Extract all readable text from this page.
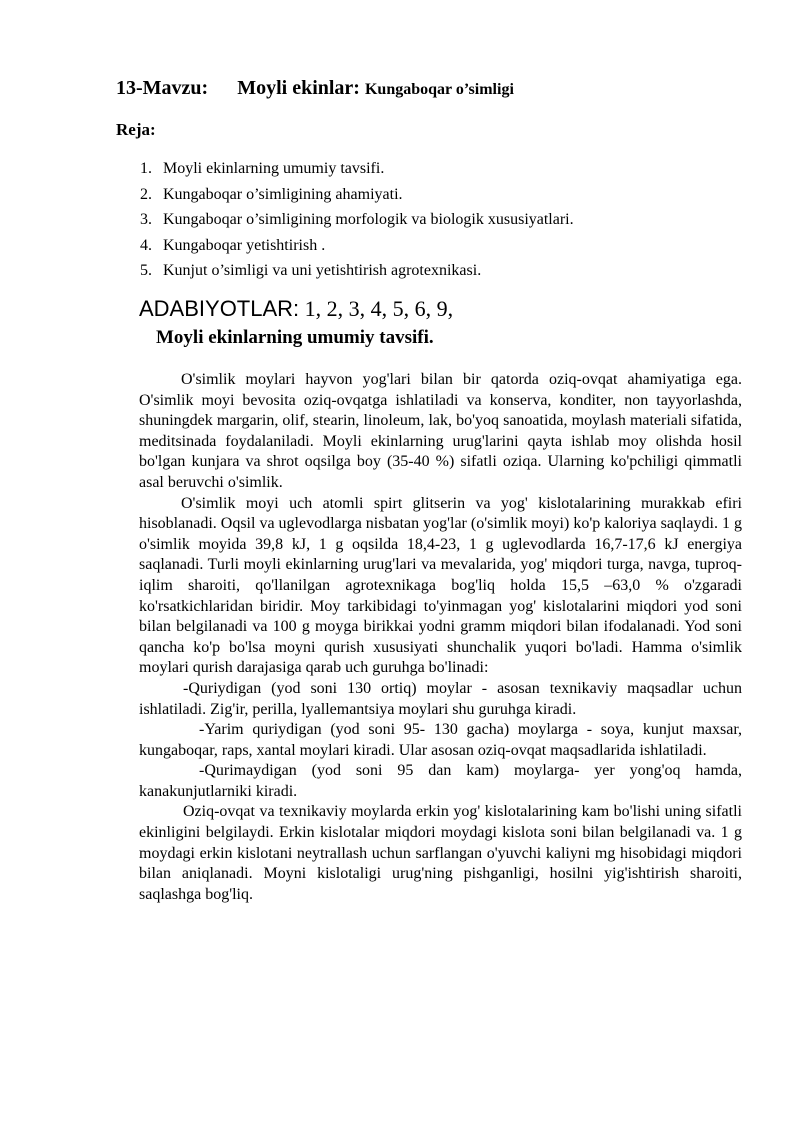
13-Mavzu: Moyli ekinlar: Kungaboqar o’simligi
Reja:
1. Moyli ekinlarning umumiy tavsifi.
2. Kungaboqar o’simligining ahamiyati.
3. Kungaboqar o’simligining morfologik va biologik xususiyatlari.
4. Kungaboqar yetishtirish .
5. Kunjut o’simligi va uni yetishtirish agrotexnikasi.
ADABIYOTLAR: 1, 2, 3, 4, 5, 6, 9,
Moyli ekinlarning umumiy tavsifi.

O'simlik moylari hayvon yog'lari bilan bir qatorda oziq-ovqat ahamiyatiga ega. O'simlik moyi bevosita oziq-ovqatga ishlatiladi va konserva, konditer, non tayyorlashda, shuningdek margarin, olif, stearin, linoleum, lak, bo'yoq sanoatida, moylash materiali sifatida, meditsinada foydalaniladi. Moyli ekinlarning urug'larini qayta ishlab moy olishda hosil bo'lgan kunjara va shrot oqsilga boy (35-40 %) sifatli oziqa. Ularning ko'pchiligi qimmatli asal beruvchi o'simlik.

O'simlik moyi uch atomli spirt glitserin va yog' kislotalarining murakkab efiri hisoblanadi. Oqsil va uglevodlarga nisbatan yog'lar (o'simlik moyi) ko'p kaloriya saqlaydi. 1 g o'simlik moyida 39,8 kJ, 1 g oqsilda 18,4-23, 1 g uglevodlarda 16,7-17,6 kJ energiya saqlanadi. Turli moyli ekinlarning urug'lari va mevalarida, yog' miqdori turga, navga, tuproq-iqlim sharoiti, qo'llanilgan agrotexnikaga bog'liq holda 15,5 –63,0 % o'zgaradi ko'rsatkichlaridan biridir. Moy tarkibidagi to'yinmagan yog' kislotalarini miqdori yod soni bilan belgilanadi va 100 g moyga birikkai yodni gramm miqdori bilan ifodalanadi. Yod soni qancha ko'p bo'lsa moyni qurish xususiyati shunchalik yuqori bo'ladi. Hamma o'simlik moylari qurish darajasiga qarab uch guruhga bo'linadi:

-Quriydigan (yod soni 130 ortiq) moylar - asosan texnikaviy maqsadlar uchun ishlatiladi. Zig'ir, perilla, lyallemantsiya moylari shu guruhga kiradi.

-Yarim quriydigan (yod soni 95- 130 gacha) moylarga - soya, kunjut maxsar, kungaboqar, raps, xantal moylari kiradi. Ular asosan oziq-ovqat maqsadlarida ishlatiladi.

-Qurimaydigan (yod soni 95 dan kam) moylarga- yer yong'oq hamda, kanakunjutlarniki kiradi.

Oziq-ovqat va texnikaviy moylarda erkin yog' kislotalarining kam bo'lishi uning sifatli ekinligini belgilaydi. Erkin kislotalar miqdori moydagi kislota soni bilan belgilanadi va. 1 g moydagi erkin kislotani neytrallash uchun sarflangan o'yuvchi kaliyni mg hisobidagi miqdori bilan aniqlanadi. Moyni kislotaligi urug'ning pishganligi, hosilni yig'ishtirish sharoiti, saqlashga bog'liq.
